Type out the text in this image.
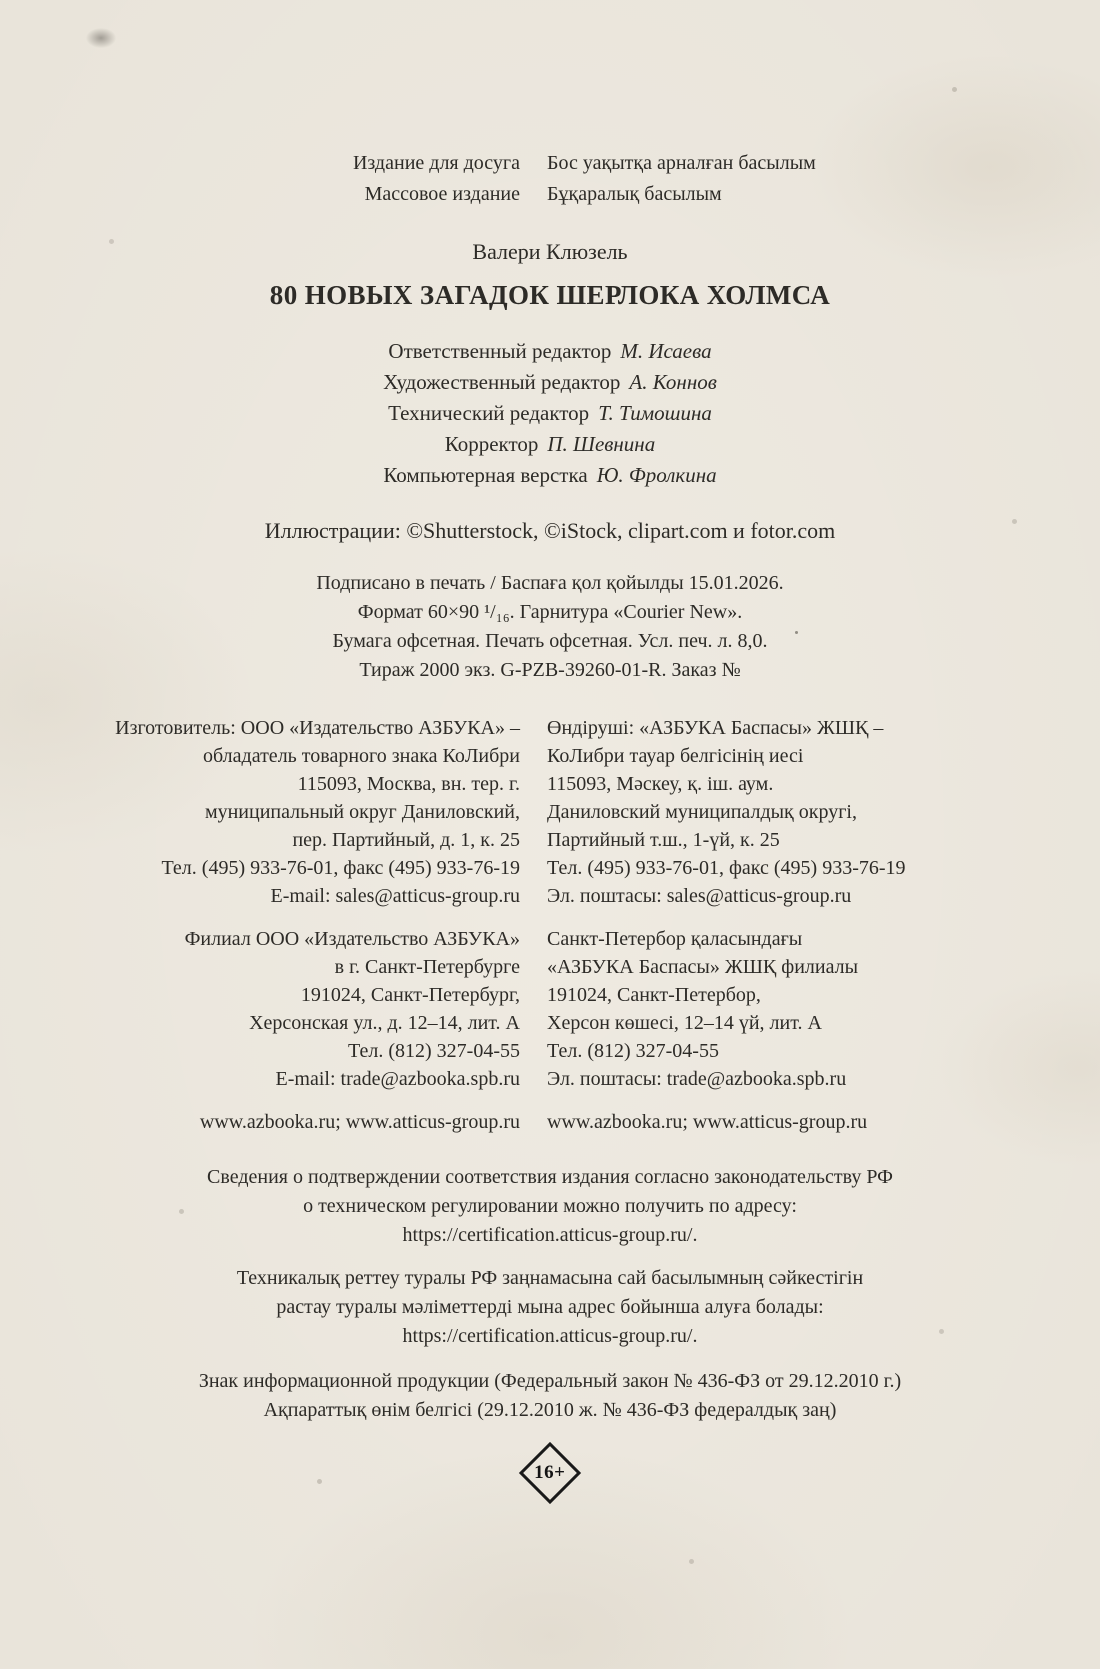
Издание для досуга Бос уақытқа арналған басылым
Массовое издание Бұқаралық басылым
Валери Клюзель
80 НОВЫХ ЗАГАДОК ШЕРЛОКА ХОЛМСА
Ответственный редактор М. Исаева
Художественный редактор А. Коннов
Технический редактор Т. Тимошина
Корректор П. Шевнина
Компьютерная верстка Ю. Фролкина
Иллюстрации: ©Shutterstock, ©iStock, clipart.com и fotor.com
Подписано в печать / Баспаға қол қойылды 15.01.2026.
Формат 60×90 ¹/₁₆. Гарнитура «Courier New».
Бумага офсетная. Печать офсетная. Усл. печ. л. 8,0.
Тираж 2000 экз. G-PZB-39260-01-R. Заказ №
Изготовитель: ООО «Издательство АЗБУКА» –
обладатель товарного знака КоЛибри
115093, Москва, вн. тер. г.
муниципальный округ Даниловский,
пер. Партийный, д. 1, к. 25
Тел. (495) 933-76-01, факс (495) 933-76-19
E-mail: sales@atticus-group.ru
Өндіруші: «АЗБУКА Баспасы» ЖШҚ –
КоЛибри тауар белгісінің иесі
115093, Мәскеу, қ. іш. аум.
Даниловский муниципалдық округі,
Партийный т.ш., 1-үй, к. 25
Тел. (495) 933-76-01, факс (495) 933-76-19
Эл. поштасы: sales@atticus-group.ru
Филиал ООО «Издательство АЗБУКА»
в г. Санкт-Петербурге
191024, Санкт-Петербург,
Херсонская ул., д. 12–14, лит. А
Тел. (812) 327-04-55
E-mail: trade@azbooka.spb.ru
Санкт-Петербор қаласындағы
«АЗБУКА Баспасы» ЖШҚ филиалы
191024, Санкт-Петербор,
Херсон көшесі, 12–14 үй, лит. А
Тел. (812) 327-04-55
Эл. поштасы: trade@azbooka.spb.ru
www.azbooka.ru; www.atticus-group.ru www.azbooka.ru; www.atticus-group.ru
Сведения о подтверждении соответствия издания согласно законодательству РФ
о техническом регулировании можно получить по адресу:
https://certification.atticus-group.ru/.
Техникалық реттеу туралы РФ заңнамасына сай басылымның сәйкестігін
растау туралы мәліметтерді мына адрес бойынша алуға болады:
https://certification.atticus-group.ru/.
Знак информационной продукции (Федеральный закон № 436-ФЗ от 29.12.2010 г.)
Ақпараттық өнім белгісі (29.12.2010 ж. № 436-ФЗ федералдық заң)
16+
